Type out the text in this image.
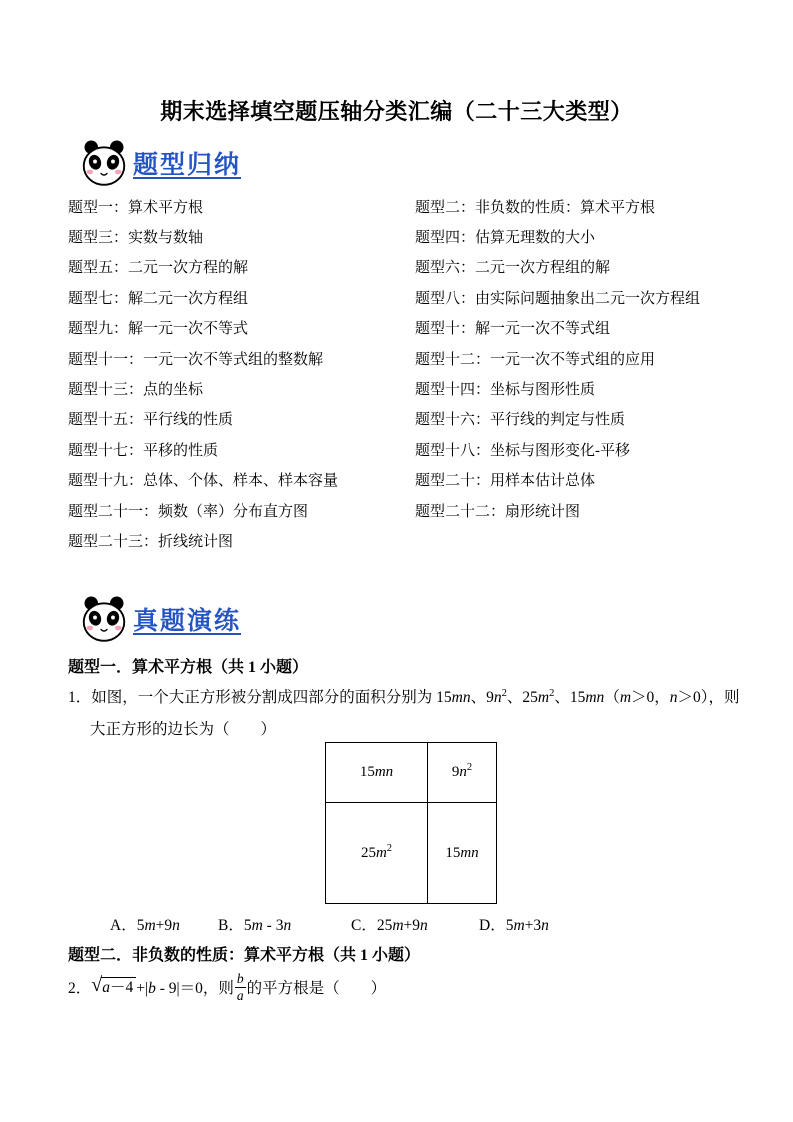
期末选择填空题压轴分类汇编（二十三大类型）
题型归纳
题型一：算术平方根	题型二：非负数的性质：算术平方根
题型三：实数与数轴	题型四：估算无理数的大小
题型五：二元一次方程的解	题型六：二元一次方程组的解
题型七：解二元一次方程组	题型八：由实际问题抽象出二元一次方程组
题型九：解一元一次不等式	题型十：解一元一次不等式组
题型十一：一元一次不等式组的整数解	题型十二：一元一次不等式组的应用
题型十三：点的坐标	题型十四：坐标与图形性质
题型十五：平行线的性质	题型十六：平行线的判定与性质
题型十七：平移的性质	题型十八：坐标与图形变化-平移
题型十九：总体、个体、样本、样本容量	题型二十：用样本估计总体
题型二十一：频数（率）分布直方图	题型二十二：扇形统计图
题型二十三：折线统计图
真题演练
题型一．算术平方根（共 1 小题）
1．如图，一个大正方形被分割成四部分的面积分别为 15mn、$9n^2$、$25m^2$、15mn（m＞0，n＞0），则大正方形的边长为（　　）
15mn	$9n^2$
$25m^2$	15mn
A．5m+9n B．5m - 3n	C．25m+9n	D．5m+3n
题型二．非负数的性质：算术平方根（共 1 小题）
2． √ a－4 +|b - 9|＝0，则 $\frac{b}{a}$ 的平方根是（　　）
